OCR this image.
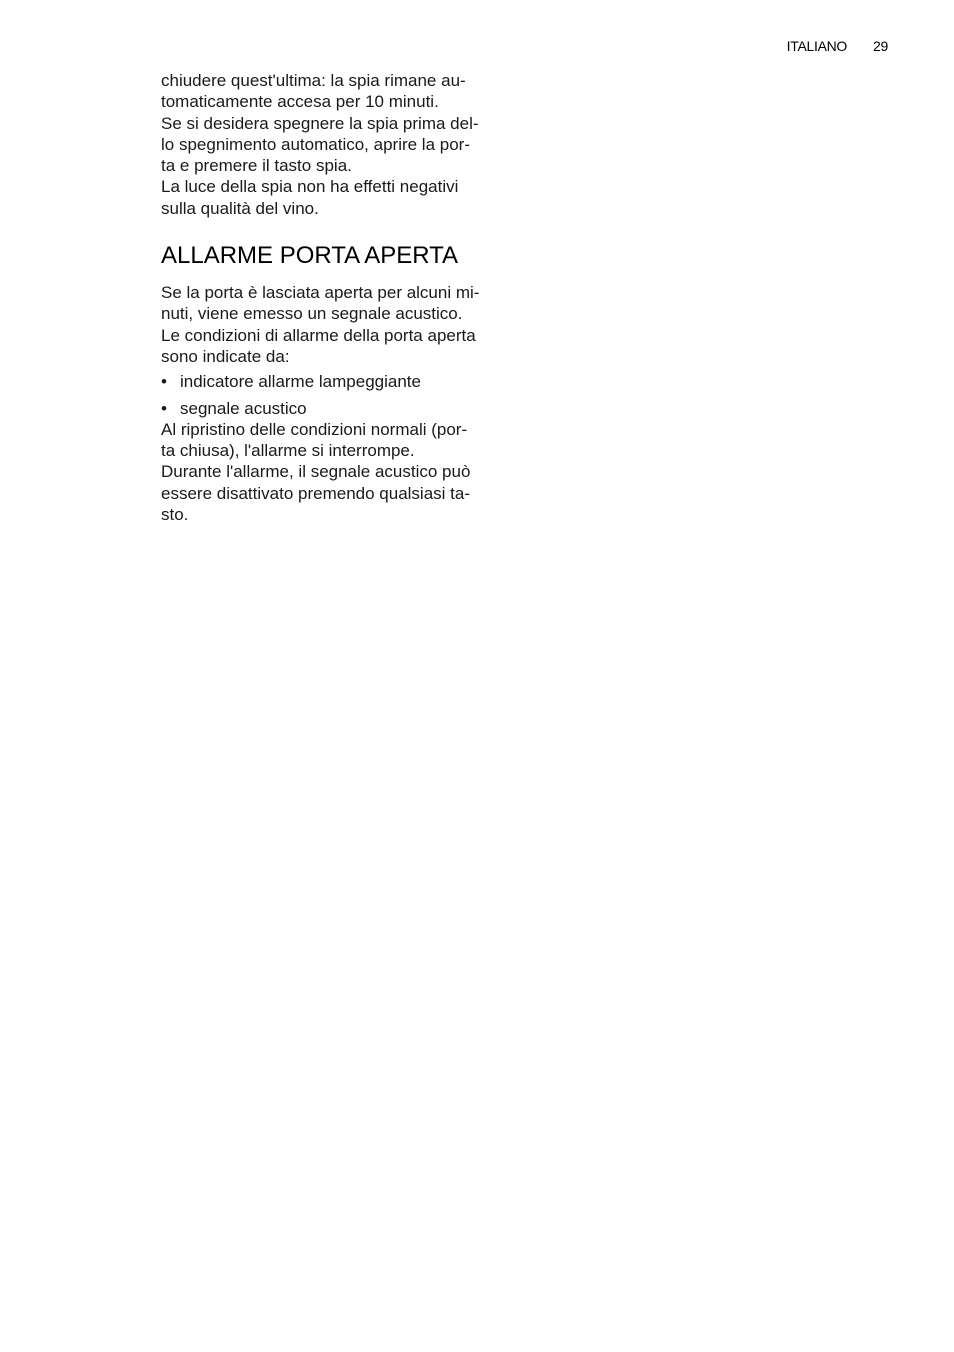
ITALIANO 29

chiudere quest'ultima: la spia rimane au-
tomaticamente accesa per 10 minuti.

Se si desidera spegnere la spia prima del-
lo spegnimento automatico, aprire la por-
ta e premere il tasto spia.

La luce della spia non ha effetti negativi
sulla qualità del vino.

ALLARME PORTA APERTA

Se la porta è lasciata aperta per alcuni mi-
nuti, viene emesso un segnale acustico.

Le condizioni di allarme della porta aperta
sono indicate da:

• indicatore allarme lampeggiante
• segnale acustico

Al ripristino delle condizioni normali (por-
ta chiusa), l'allarme si interrompe.

Durante l'allarme, il segnale acustico può
essere disattivato premendo qualsiasi ta-
sto.
